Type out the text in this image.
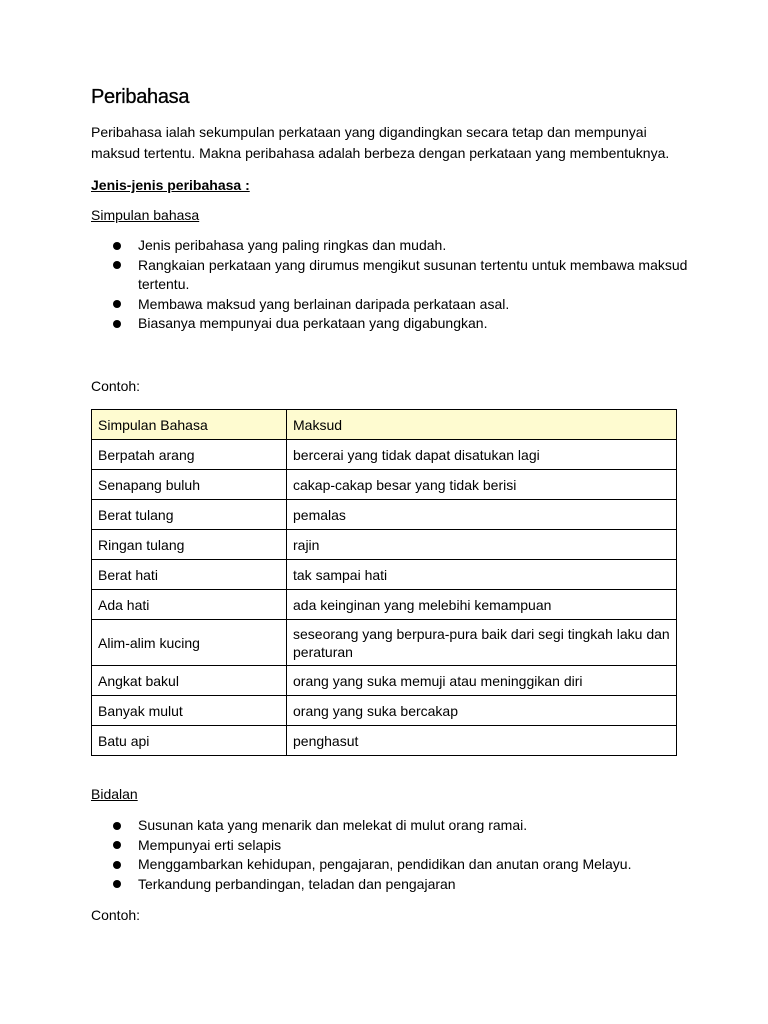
Peribahasa

Peribahasa ialah sekumpulan perkataan yang digandingkan secara tetap dan mempunyai maksud tertentu. Makna peribahasa adalah berbeza dengan perkataan yang membentuknya.

Jenis-jenis peribahasa :

Simpulan bahasa

Jenis peribahasa yang paling ringkas dan mudah.
Rangkaian perkataan yang dirumus mengikut susunan tertentu untuk membawa maksud tertentu.
Membawa maksud yang berlainan daripada perkataan asal.
Biasanya mempunyai dua perkataan yang digabungkan.

Contoh:

Simpulan Bahasa	Maksud
Berpatah arang	bercerai yang tidak dapat disatukan lagi
Senapang buluh	cakap-cakap besar yang tidak berisi
Berat tulang	pemalas
Ringan tulang	rajin
Berat hati	tak sampai hati
Ada hati	ada keinginan yang melebihi kemampuan
Alim-alim kucing	seseorang yang berpura-pura baik dari segi tingkah laku dan peraturan
Angkat bakul	orang yang suka memuji atau meninggikan diri
Banyak mulut	orang yang suka bercakap
Batu api	penghasut

Bidalan

Susunan kata yang menarik dan melekat di mulut orang ramai.
Mempunyai erti selapis
Menggambarkan kehidupan, pengajaran, pendidikan dan anutan orang Melayu.
Terkandung perbandingan, teladan dan pengajaran

Contoh:
